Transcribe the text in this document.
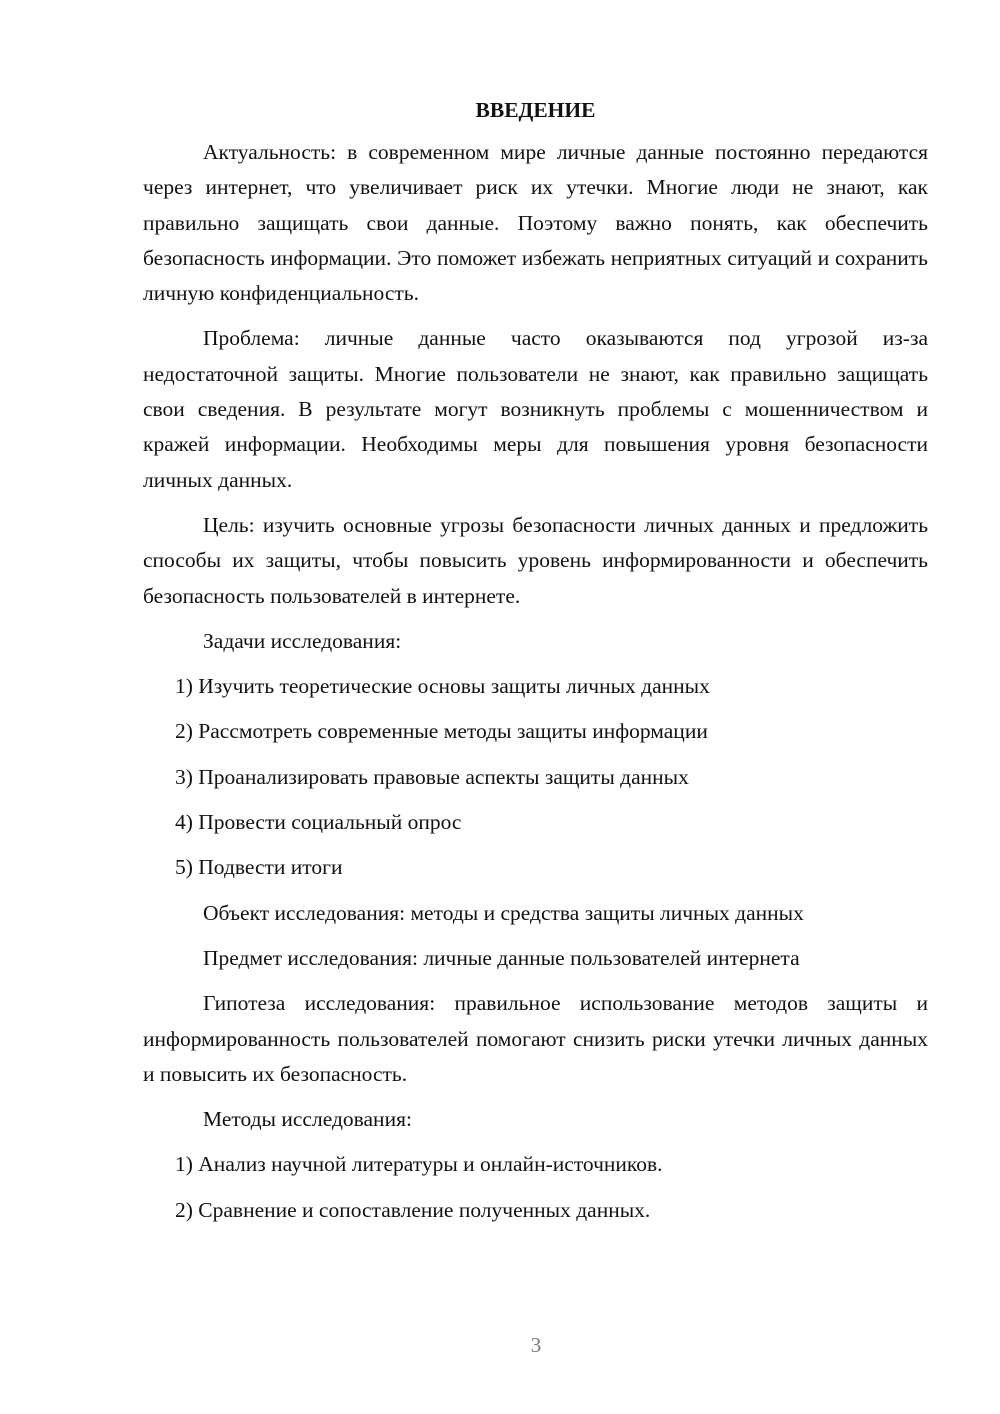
ВВЕДЕНИЕ

Актуальность: в современном мире личные данные постоянно передаются через интернет, что увеличивает риск их утечки. Многие люди не знают, как правильно защищать свои данные. Поэтому важно понять, как обеспечить безопасность информации. Это поможет избежать неприятных ситуаций и сохранить личную конфиденциальность.

Проблема: личные данные часто оказываются под угрозой из-за недостаточной защиты. Многие пользователи не знают, как правильно защищать свои сведения. В результате могут возникнуть проблемы с мошенничеством и кражей информации. Необходимы меры для повышения уровня безопасности личных данных.

Цель: изучить основные угрозы безопасности личных данных и предложить способы их защиты, чтобы повысить уровень информированности и обеспечить безопасность пользователей в интернете.

Задачи исследования:

1) Изучить теоретические основы защиты личных данных

2) Рассмотреть современные методы защиты информации

3) Проанализировать правовые аспекты защиты данных

4) Провести социальный опрос

5) Подвести итоги

Объект исследования: методы и средства защиты личных данных

Предмет исследования: личные данные пользователей интернета

Гипотеза исследования: правильное использование методов защиты и информированность пользователей помогают снизить риски утечки личных данных и повысить их безопасность.

Методы исследования:

1) Анализ научной литературы и онлайн-источников.

2) Сравнение и сопоставление полученных данных.

3
